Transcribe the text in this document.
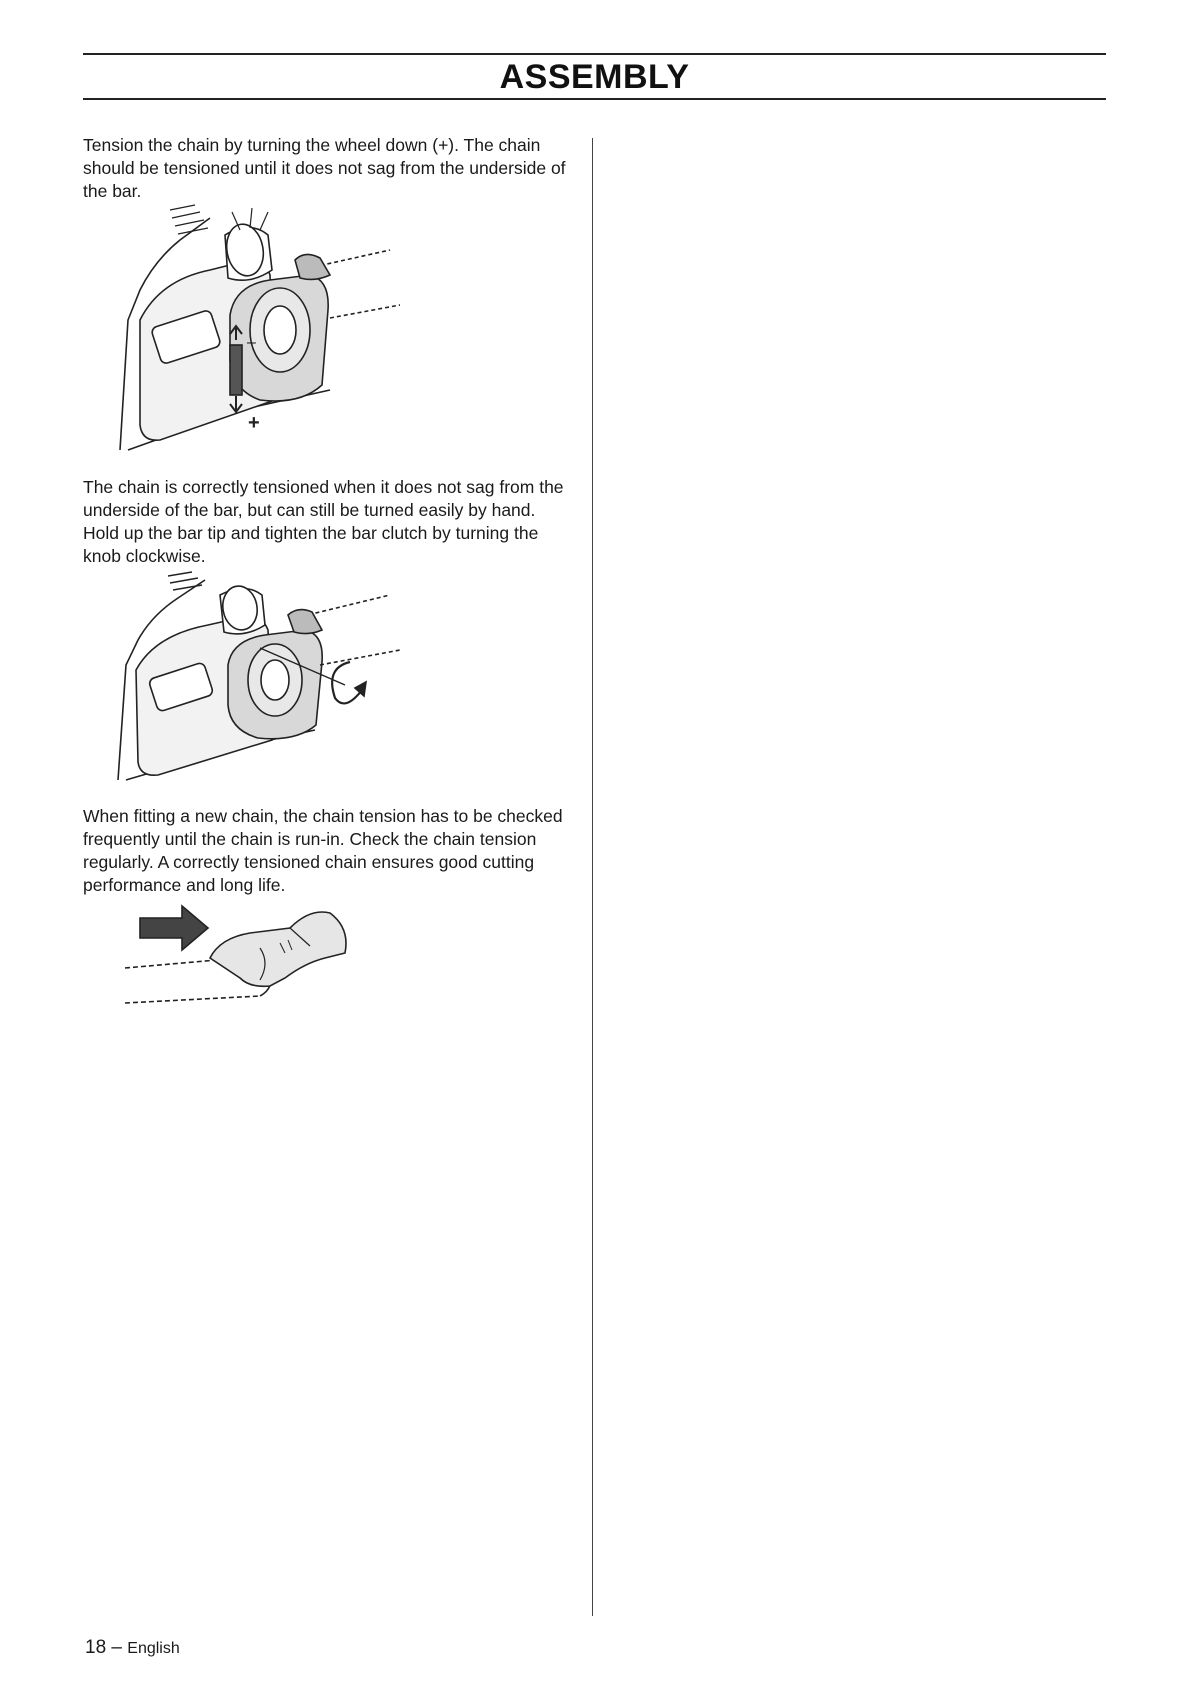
ASSEMBLY

Tension the chain by turning the wheel down (+). The chain should be tensioned until it does not sag from the underside of the bar.

+
–

The chain is correctly tensioned when it does not sag from the underside of the bar, but can still be turned easily by hand. Hold up the bar tip and tighten the bar clutch by turning the knob clockwise.

When fitting a new chain, the chain tension has to be checked frequently until the chain is run-in. Check the chain tension regularly. A correctly tensioned chain ensures good cutting performance and long life.

18 – English
